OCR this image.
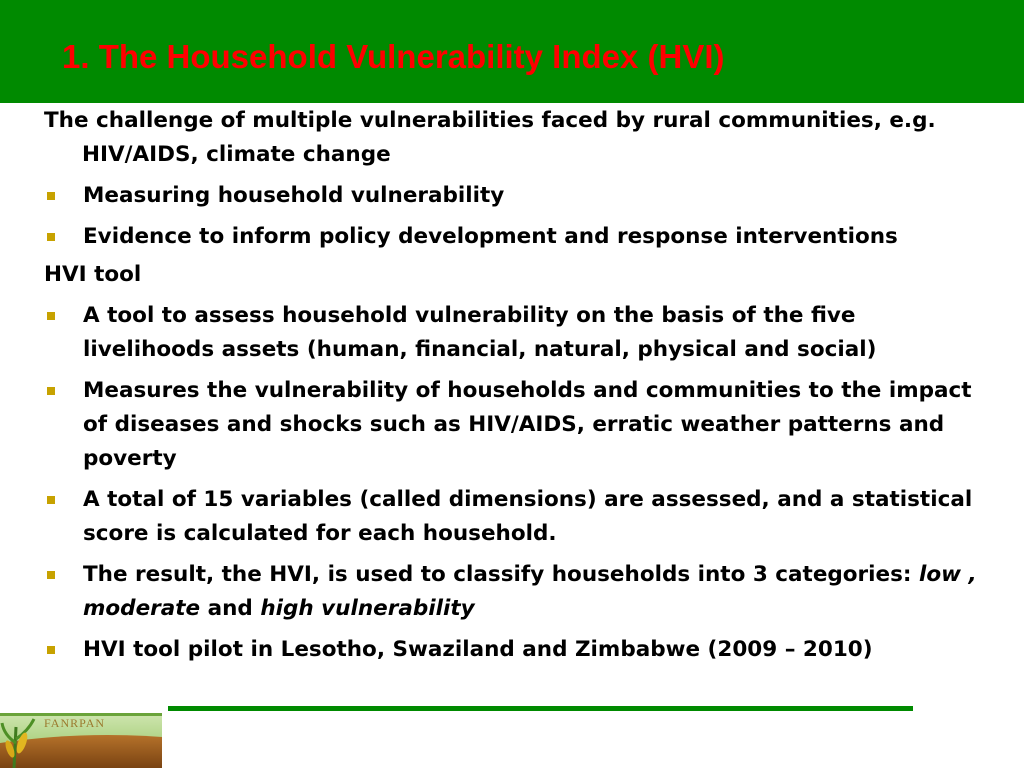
1. The Household Vulnerability Index (HVI)

The challenge of multiple vulnerabilities faced by rural communities, e.g. HIV/AIDS, climate change

Measuring household vulnerability
Evidence to inform policy development and response interventions

HVI tool

A tool to assess household vulnerability on the basis of the five livelihoods assets (human, financial, natural, physical and social)
Measures the vulnerability of households and communities to the impact of diseases and shocks such as HIV/AIDS, erratic weather patterns and poverty
A total of 15 variables (called dimensions) are assessed, and a statistical score is calculated for each household.
The result, the HVI, is used to classify households into 3 categories: low , moderate and high vulnerability
HVI tool pilot in Lesotho, Swaziland and Zimbabwe (2009 – 2010)
FANRPAN
